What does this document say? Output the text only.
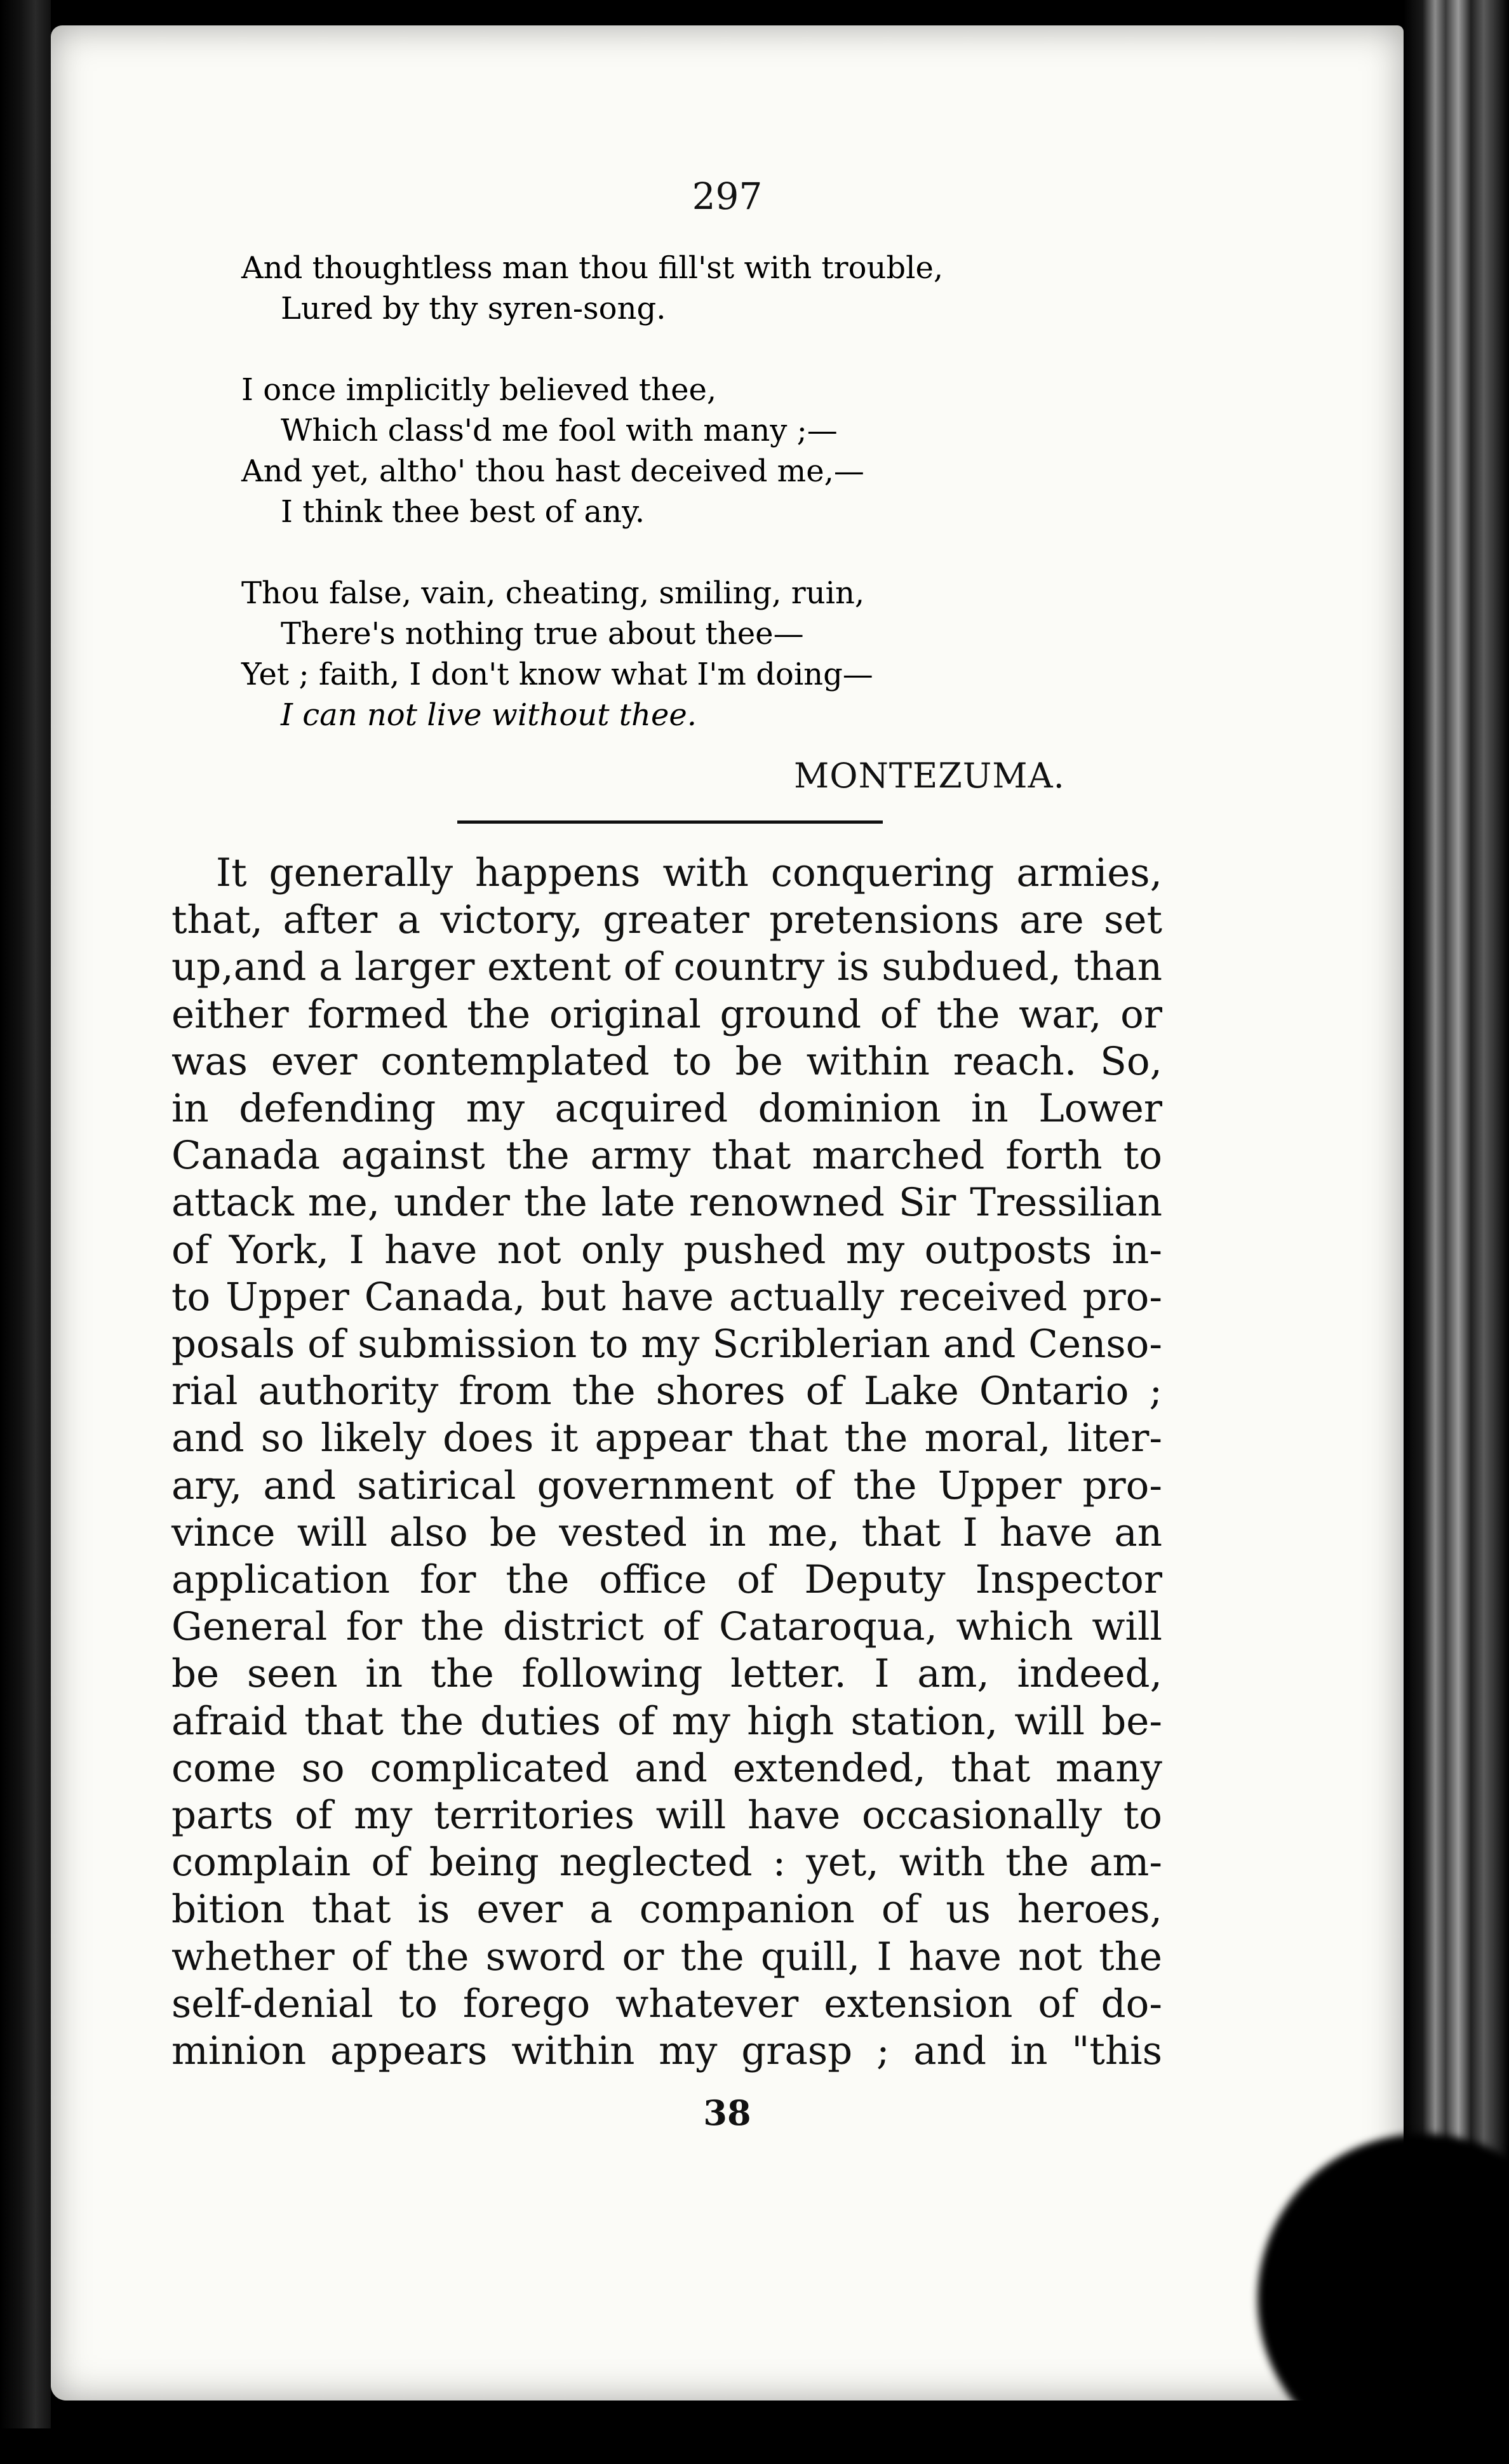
297
And thoughtless man thou fill'st with trouble,
Lured by thy syren-song.
I once implicitly believed thee,
Which class'd me fool with many ;—
And yet, altho' thou hast deceived me,—
I think thee best of any.
Thou false, vain, cheating, smiling, ruin,
There's nothing true about thee—
Yet ; faith, I don't know what I'm doing—
I can not live without thee.
MONTEZUMA.
It generally happens with conquering armies,
that, after a victory, greater pretensions are set
up,and a larger extent of country is subdued, than
either formed the original ground of the war, or
was ever contemplated to be within reach. So,
in defending my acquired dominion in Lower
Canada against the army that marched forth to
attack me, under the late renowned Sir Tressilian
of York, I have not only pushed my outposts in-
to Upper Canada, but have actually received pro-
posals of submission to my Scriblerian and Censo-
rial authority from the shores of Lake Ontario ;
and so likely does it appear that the moral, liter-
ary, and satirical government of the Upper pro-
vince will also be vested in me, that I have an
application for the office of Deputy Inspector
General for the district of Cataroqua, which will
be seen in the following letter. I am, indeed,
afraid that the duties of my high station, will be-
come so complicated and extended, that many
parts of my territories will have occasionally to
complain of being neglected : yet, with the am-
bition that is ever a companion of us heroes,
whether of the sword or the quill, I have not the
self-denial to forego whatever extension of do-
minion appears within my grasp ; and in "this
38
